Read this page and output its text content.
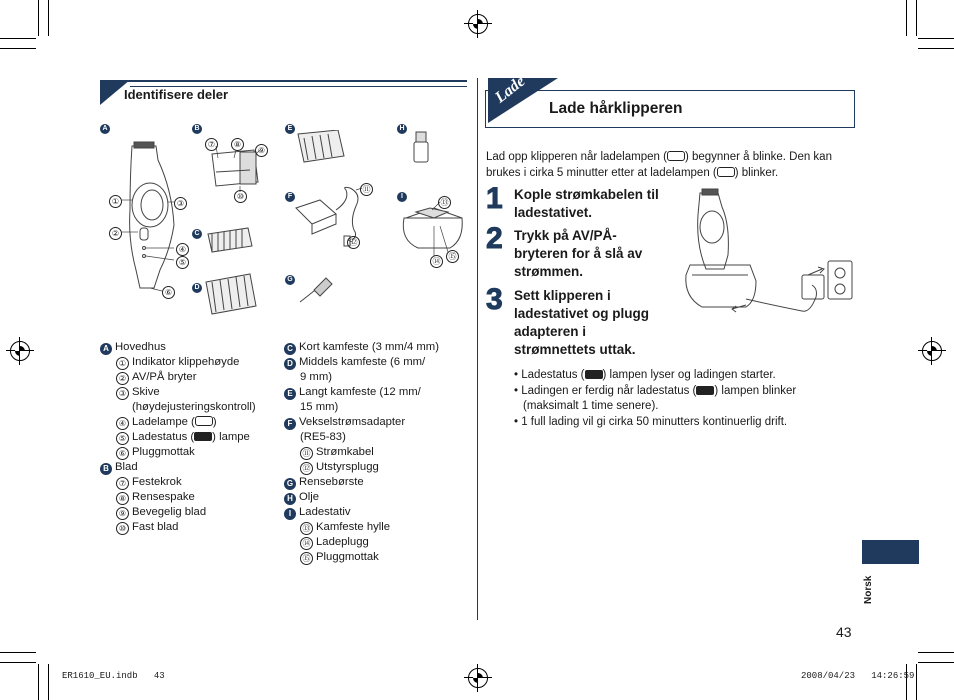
Identifisere deler
A	B
C
D
E
F
G
H
I
①
②
③
④
⑤
⑥
⑦	⑧
⑨
⑩
⑪
⑫
⑬
⑭
⑮
A Hovedhus
① Indikator klippehøyde
② AV/PÅ bryter
③ Skive
(høydejusteringskontroll)
④ Ladelampe ( )
⑤ Ladestatus ( ) lampe
⑥ Pluggmottak
B Blad
⑦ Festekrok
⑧ Rensespake
⑨ Bevegelig blad
⑩ Fast blad
C Kort kamfeste (3 mm/4 mm)
D Middels kamfeste (6 mm/
9 mm)
E Langt kamfeste (12 mm/
15 mm)
F Vekselstrømsadapter
(RE5-83)
⑪ Strømkabel
⑫ Utstyrsplugg
G Rensebørste
H Olje
I Ladestativ
⑬ Kamfeste hylle
⑭ Ladeplugg
⑮ Pluggmottak
Lade
Lade hårklipperen
Lad opp klipperen når ladelampen ( ) begynner å blinke. Den kan brukes i cirka 5 minutter etter at ladelampen ( ) blinker.
1 Kople strømkabelen til ladestativet.
2 Trykk på AV/PÅ-bryteren for å slå av strømmen.
3 Sett klipperen i ladestativet og plugg adapteren i strømnettets uttak.
• Ladestatus ( ) lampen lyser og ladingen starter.
• Ladingen er ferdig når ladestatus ( ) lampen blinker (maksimalt 1 time senere).
• 1 full lading vil gi cirka 50 minutters kontinuerlig drift.
Norsk
43
ER1610_EU.indb   43	2008/04/23   14:26:59
